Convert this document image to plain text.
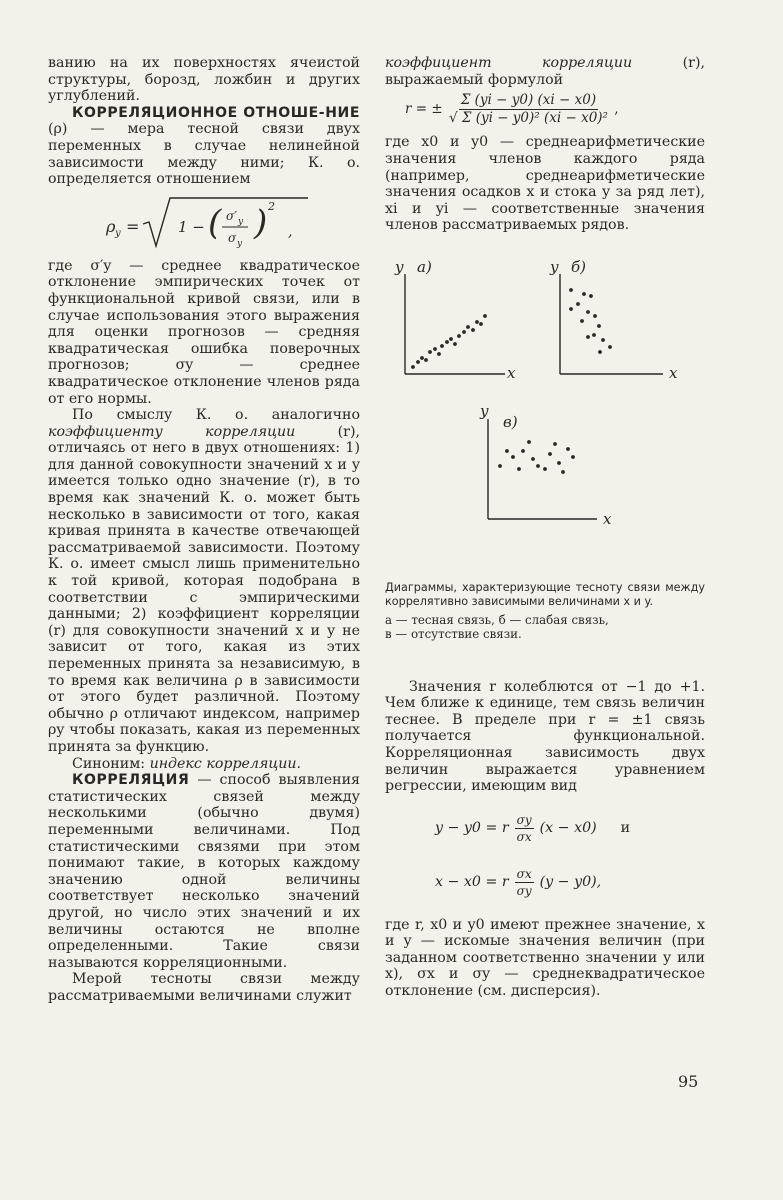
ванию на их поверхностях ячеистой структуры, борозд, ложбин и других углублений.

КОРРЕЛЯЦИОННОЕ ОТНОШЕ-НИЕ (ρ) — мера тесной связи двух переменных в случае нелинейной зависимости между ними; К. о. определяется отношением

ρ y =	1 − ( σ′ y
σ y
) 2
,

где σ′y — среднее квадратическое отклонение эмпирических точек от функциональной кривой связи, или в случае использования этого выражения для оценки прогнозов — средняя квадратическая ошибка поверочных прогнозов; σy — среднее квадратическое отклонение членов ряда от его нормы.

По смыслу К. о. аналогично коэффициенту корреляции	(r), отличаясь от него в двух отношениях: 1) для данной совокупности значений x и y имеется только одно значение (r), в то время как значений К. о. может быть несколько в зависимости от того, какая кривая принята в качестве отвечающей рассматриваемой зависимости. Поэтому К. о. имеет смысл лишь применительно к той кривой, которая подобрана в соответствии с эмпирическими данными; 2) коэффициент корреляции (r) для совокупности значений x и y не зависит от того, какая из этих переменных принята за независимую, в то время как величина ρ в зависимости от этого будет различной. Поэтому обычно ρ отличают индексом, например ρy чтобы показать, какая из переменных принята за функцию.

Синоним: индекс корреляции.

КОРРЕЛЯЦИЯ — способ выявления статистических связей между несколькими (обычно двумя) переменными величинами. Под статистическими связями при этом понимают такие, в которых каждому значению одной величины соответствует несколько значений другой, но число этих значений и их величины остаются не вполне определенными. Такие связи называются корреляционными.

Мерой тесноты связи между рассматриваемыми величинами служит

коэффициент корреляции	(r), выражаемый формулой

r = ±
$\frac{\Sigma (yi - y0) (xi - x0)}{\text{√ Σ (yi − y0)² (xi − x0)²}}$ ,

где x0 и y0 — среднеарифметические значения членов каждого ряда (например, среднеарифметические значения осадков x и стока y за ряд лет), xi и yi — соответственные значения членов рассматриваемых рядов.

y а)
x
y б)
x
y
в)
x

Диаграммы, характеризующие тесноту связи между коррелятивно зависимыми величинами x и y.

а — тесная связь, б — слабая связь,

в — отсутствие связи.

Значения r колеблются от −1 до +1. Чем ближе к единице, тем связь величин теснее. В пределе при r = ±1 связь получается функциональной. Корреляционная зависимость двух величин выражается уравнением регрессии, имеющим вид

y − y0 = r $\frac{\sigma y}{\sigma x} (x - x0)$ и
x − x0 = r $\frac{\sigma x}{\sigma y} (y - y0)$,

где r, x0 и y0 имеют прежнее значение, x и y — искомые значения величин (при заданном соответственно значении y или x), σx и σy — среднеквадратическое отклонение (см. дисперсия).

95
